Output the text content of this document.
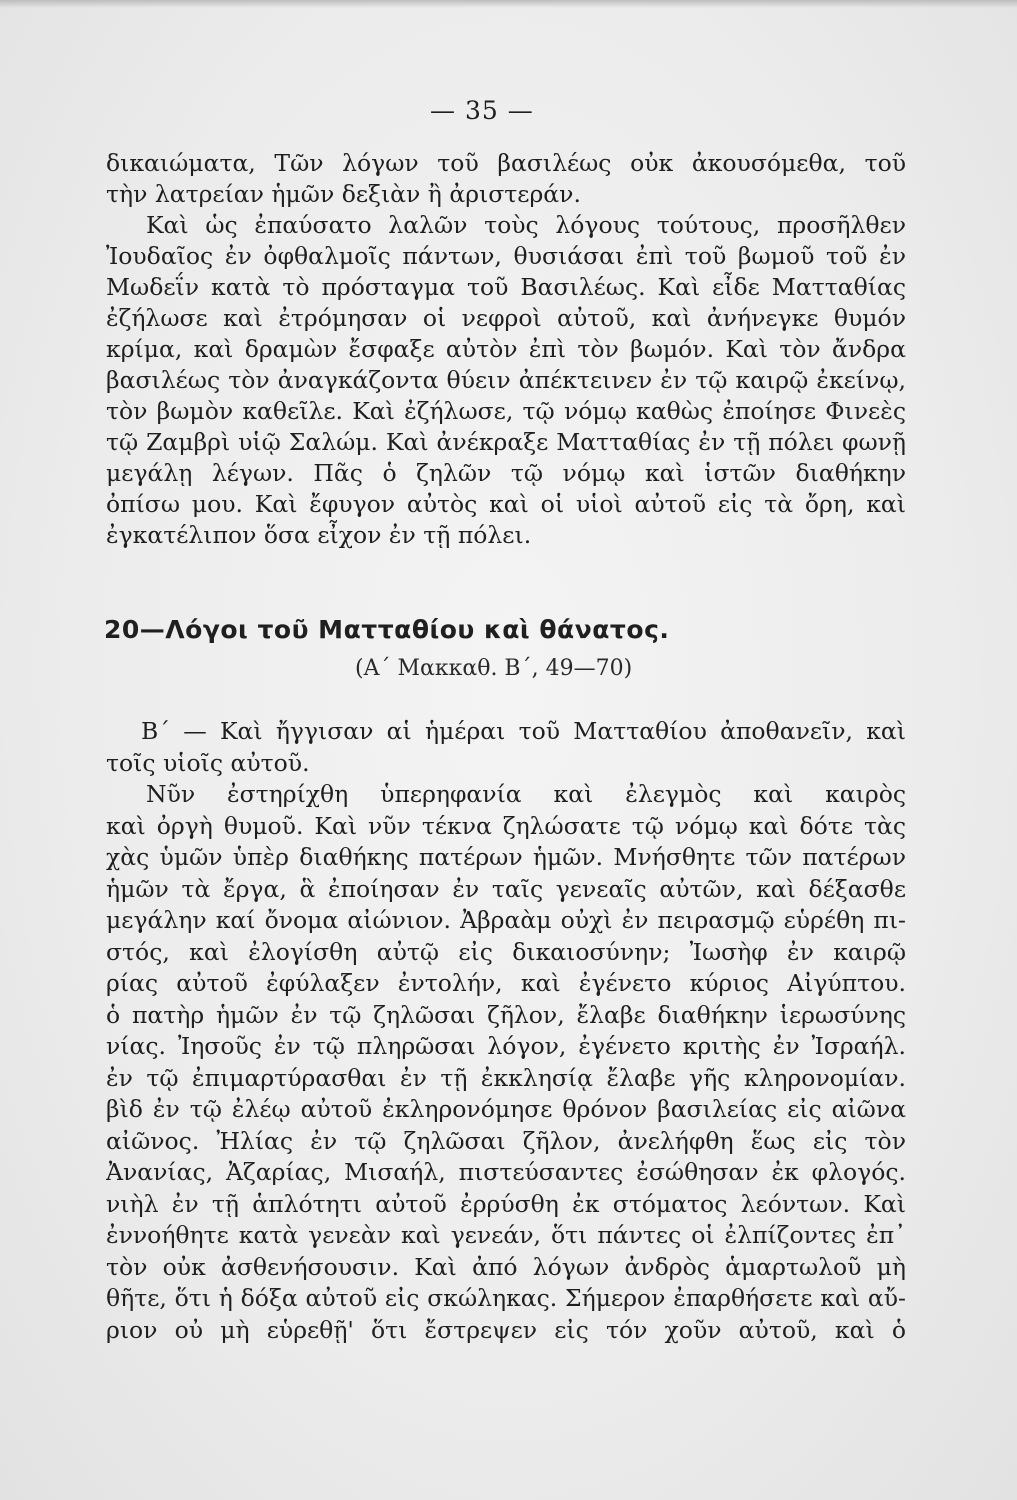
— 35 —
δικαιώματα, Τῶν λόγων τοῦ βασιλέως οὐκ ἀκουσόμεθα, τοῦ
τὴν λατρείαν ἡμῶν δεξιὰν ἢ ἀριστεράν.
Καὶ ὡς ἐπαύσατο λαλῶν τοὺς λόγους τούτους, προσῆλθεν
Ἰουδαῖος ἐν ὀφθαλμοῖς πάντων, θυσιάσαι ἐπὶ τοῦ βωμοῦ τοῦ ἐν
Μωδεΐν κατὰ τὸ πρόσταγμα τοῦ Βασιλέως. Καὶ εἶδε Ματταθίας
ἐζήλωσε καὶ ἐτρόμησαν οἱ νεφροὶ αὐτοῦ, καὶ ἀνήνεγκε θυμόν
κρίμα, καὶ δραμὼν ἔσφαξε αὐτὸν ἐπὶ τὸν βωμόν. Καὶ τὸν ἄνδρα
βασιλέως τὸν ἀναγκάζοντα θύειν ἀπέκτεινεν ἐν τῷ καιρῷ ἐκείνῳ,
τὸν βωμὸν καθεῖλε. Καὶ ἐζήλωσε, τῷ νόμῳ καθὼς ἐποίησε Φινεὲς
τῷ Ζαμβρὶ υἱῷ Σαλώμ. Καὶ ἀνέκραξε Ματταθίας ἐν τῇ πόλει φωνῇ
μεγάλῃ λέγων. Πᾶς ὁ ζηλῶν τῷ νόμῳ καὶ ἱστῶν διαθήκην
ὀπίσω μου. Καὶ ἔφυγον αὐτὸς καὶ οἱ υἱοὶ αὐτοῦ εἰς τὰ ὄρη, καὶ
ἐγκατέλιπον ὅσα εἶχον ἐν τῇ πόλει.
20—Λόγοι τοῦ Ματταθίου καὶ θάνατος.
(Α΄ Μακκαθ. Β΄, 49—70)
Β΄ — Καὶ ἤγγισαν αἱ ἡμέραι τοῦ Ματταθίου ἀποθανεῖν, καὶ
τοῖς υἱοῖς αὐτοῦ.
Νῦν ἐστηρίχθη ὑπερηφανία καὶ ἐλεγμὸς καὶ καιρὸς
καὶ ὀργὴ θυμοῦ. Καὶ νῦν τέκνα ζηλώσατε τῷ νόμῳ καὶ δότε τὰς
χὰς ὑμῶν ὑπὲρ διαθήκης πατέρων ἡμῶν. Μνήσθητε τῶν πατέρων
ἡμῶν τὰ ἔργα, ἃ ἐποίησαν ἐν ταῖς γενεαῖς αὐτῶν, καὶ δέξασθε
μεγάλην καί ὄνομα αἰώνιον. Ἀβραὰμ οὐχὶ ἐν πειρασμῷ εὑρέθη πι-
στός, καὶ ἐλογίσθη αὐτῷ εἰς δικαιοσύνην; Ἰωσὴφ ἐν καιρῷ
ρίας αὐτοῦ ἐφύλαξεν ἐντολήν, καὶ ἐγένετο κύριος Αἰγύπτου.
ὁ πατὴρ ἡμῶν ἐν τῷ ζηλῶσαι ζῆλον, ἔλαβε διαθήκην ἱερωσύνης
νίας. Ἰησοῦς ἐν τῷ πληρῶσαι λόγον, ἐγένετο κριτὴς ἐν Ἰσραήλ.
ἐν τῷ ἐπιμαρτύρασθαι ἐν τῇ ἐκκλησίᾳ ἔλαβε γῆς κληρονομίαν.
βὶδ ἐν τῷ ἐλέῳ αὐτοῦ ἐκληρονόμησε θρόνον βασιλείας εἰς αἰῶνα
αἰῶνος. Ἠλίας ἐν τῷ ζηλῶσαι ζῆλον, ἀνελήφθη ἕως εἰς τὸν
Ἀνανίας, Ἀζαρίας, Μισαήλ, πιστεύσαντες ἐσώθησαν ἐκ φλογός.
νιὴλ ἐν τῇ ἁπλότητι αὐτοῦ ἐρρύσθη ἐκ στόματος λεόντων. Καὶ
ἐννοήθητε κατὰ γενεὰν καὶ γενεάν, ὅτι πάντες οἱ ἐλπίζοντες ἐπ᾽
τὸν οὐκ ἀσθενήσουσιν. Καὶ ἀπό λόγων ἀνδρὸς ἁμαρτωλοῦ μὴ
θῆτε, ὅτι ἡ δόξα αὐτοῦ εἰς σκώληκας. Σήμερον ἐπαρθήσετε καὶ αὔ-
ριον οὐ μὴ εὑρεθῇ' ὅτι ἔστρεψεν εἰς τόν χοῦν αὐτοῦ, καὶ ὁ
